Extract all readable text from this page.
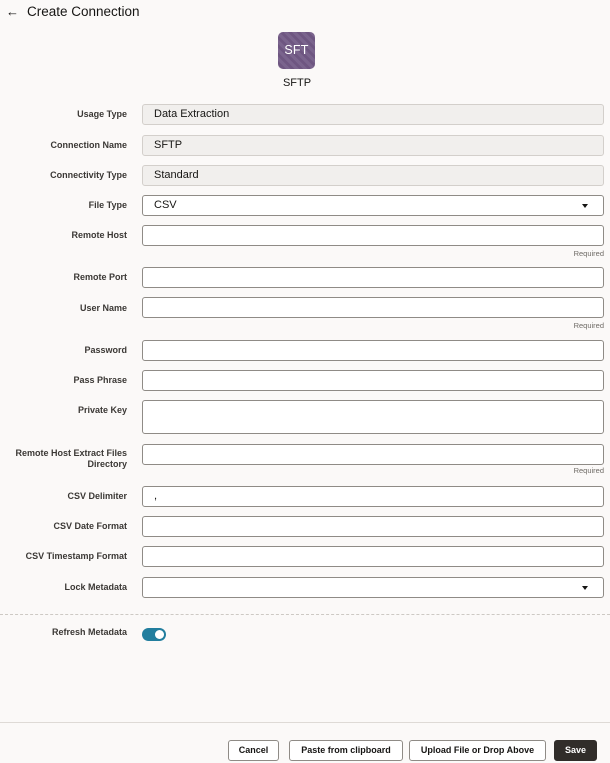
← Create Connection
SFT
SFTP
Usage Type	Data Extraction
Connection Name	SFTP
Connectivity Type	Standard
File Type	CSV
Remote Host
Required
Remote Port
User Name
Required
Password
Pass Phrase
Private Key
Remote Host Extract Files
Directory
Required
CSV Delimiter	,
CSV Date Format
CSV Timestamp Format
Lock Metadata
Refresh Metadata
Cancel	Paste from clipboard	Upload File or Drop Above	Save
